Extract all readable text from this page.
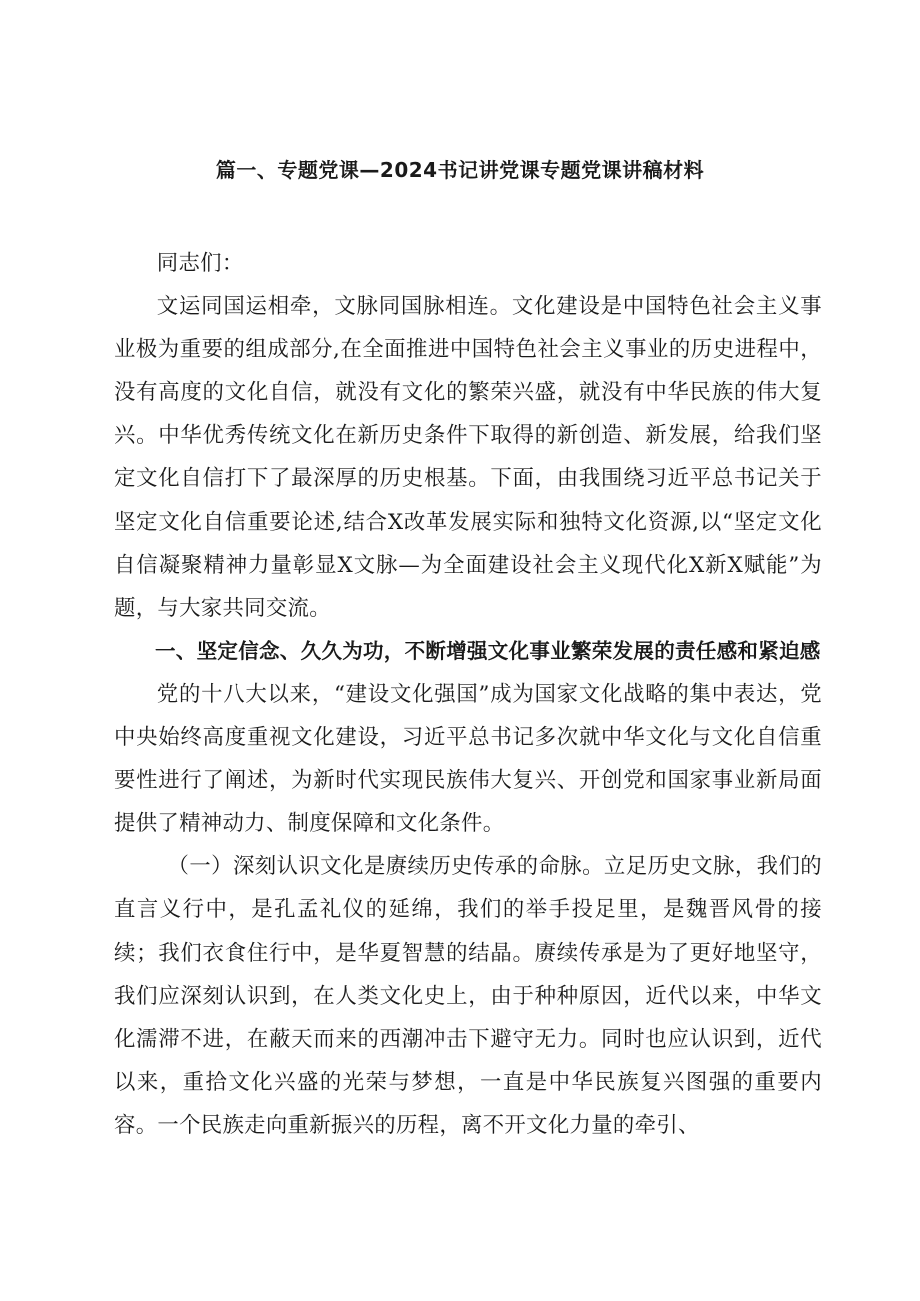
篇一、专题党课—2024书记讲党课专题党课讲稿材料

同志们：

文运同国运相牵，文脉同国脉相连。文化建设是中国特色社会主义事业极为重要的组成部分,在全面推进中国特色社会主义事业的历史进程中，没有高度的文化自信，就没有文化的繁荣兴盛，就没有中华民族的伟大复兴。中华优秀传统文化在新历史条件下取得的新创造、新发展，给我们坚定文化自信打下了最深厚的历史根基。下面，由我围绕习近平总书记关于坚定文化自信重要论述,结合X改革发展实际和独特文化资源,以“坚定文化自信凝聚精神力量彰显X文脉—为全面建设社会主义现代化X新X赋能”为题，与大家共同交流。

一、坚定信念、久久为功，不断增强文化事业繁荣发展的责任感和紧迫感

党的十八大以来，“建设文化强国”成为国家文化战略的集中表达，党中央始终高度重视文化建设，习近平总书记多次就中华文化与文化自信重要性进行了阐述，为新时代实现民族伟大复兴、开创党和国家事业新局面提供了精神动力、制度保障和文化条件。

（一）深刻认识文化是赓续历史传承的命脉。立足历史文脉，我们的直言义行中，是孔孟礼仪的延绵，我们的举手投足里，是魏晋风骨的接续；我们衣食住行中，是华夏智慧的结晶。赓续传承是为了更好地坚守，我们应深刻认识到，在人类文化史上，由于种种原因，近代以来，中华文化濡滞不进，在蔽天而来的西潮冲击下避守无力。同时也应认识到，近代以来，重拾文化兴盛的光荣与梦想，一直是中华民族复兴图强的重要内容。一个民族走向重新振兴的历程，离不开文化力量的牵引、
